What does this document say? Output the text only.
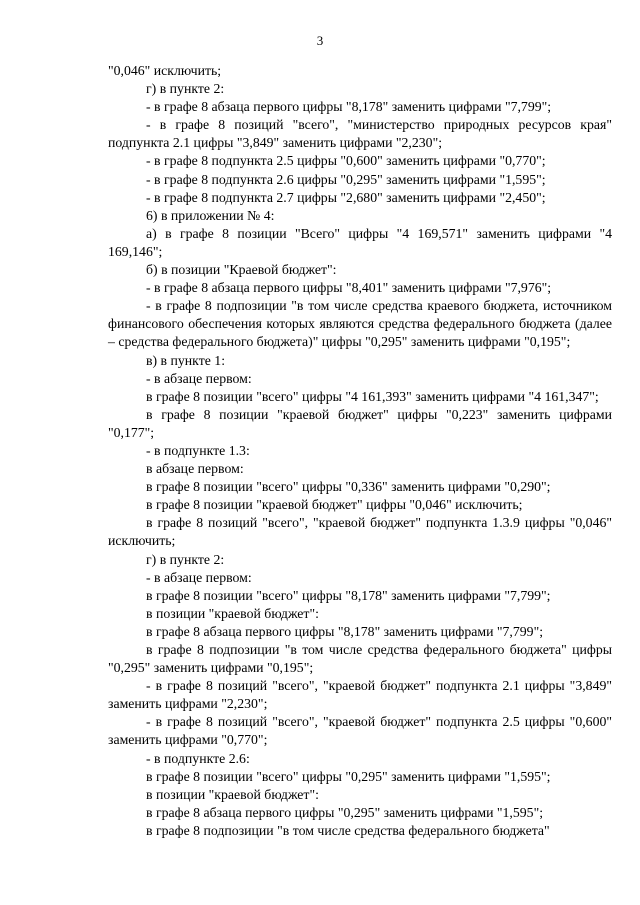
3

"0,046" исключить;

г) в пункте 2:

- в графе 8 абзаца первого цифры "8,178" заменить цифрами "7,799";

- в графе 8 позиций "всего", "министерство природных ресурсов края" подпункта 2.1 цифры "3,849" заменить цифрами "2,230";

- в графе 8 подпункта 2.5 цифры "0,600" заменить цифрами "0,770";

- в графе 8 подпункта 2.6 цифры "0,295" заменить цифрами "1,595";

- в графе 8 подпункта 2.7 цифры "2,680" заменить цифрами "2,450";

6) в приложении № 4:

а) в графе 8 позиции "Всего" цифры "4 169,571" заменить цифрами "4 169,146";

б) в позиции "Краевой бюджет":

- в графе 8 абзаца первого цифры "8,401" заменить цифрами "7,976";

- в графе 8 подпозиции "в том числе средства краевого бюджета, источником финансового обеспечения которых являются средства федерального бюджета (далее – средства федерального бюджета)" цифры "0,295" заменить цифрами "0,195";

в) в пункте 1:

- в абзаце первом:

в графе 8 позиции "всего" цифры "4 161,393" заменить цифрами "4 161,347";

в графе 8 позиции "краевой бюджет" цифры "0,223" заменить цифрами "0,177";

- в подпункте 1.3:

в абзаце первом:

в графе 8 позиции "всего" цифры "0,336" заменить цифрами "0,290";

в графе 8 позиции "краевой бюджет" цифры "0,046" исключить;

в графе 8 позиций "всего", "краевой бюджет" подпункта 1.3.9 цифры "0,046" исключить;

г) в пункте 2:

- в абзаце первом:

в графе 8 позиции "всего" цифры "8,178" заменить цифрами "7,799";

в позиции "краевой бюджет":

в графе 8 абзаца первого цифры "8,178" заменить цифрами "7,799";

в графе 8 подпозиции "в том числе средства федерального бюджета" цифры "0,295" заменить цифрами "0,195";

- в графе 8 позиций "всего", "краевой бюджет" подпункта 2.1 цифры "3,849" заменить цифрами "2,230";

- в графе 8 позиций "всего", "краевой бюджет" подпункта 2.5 цифры "0,600" заменить цифрами "0,770";

- в подпункте 2.6:

в графе 8 позиции "всего" цифры "0,295" заменить цифрами "1,595";

в позиции "краевой бюджет":

в графе 8 абзаца первого цифры "0,295" заменить цифрами "1,595";

в графе 8 подпозиции "в том числе средства федерального бюджета"
